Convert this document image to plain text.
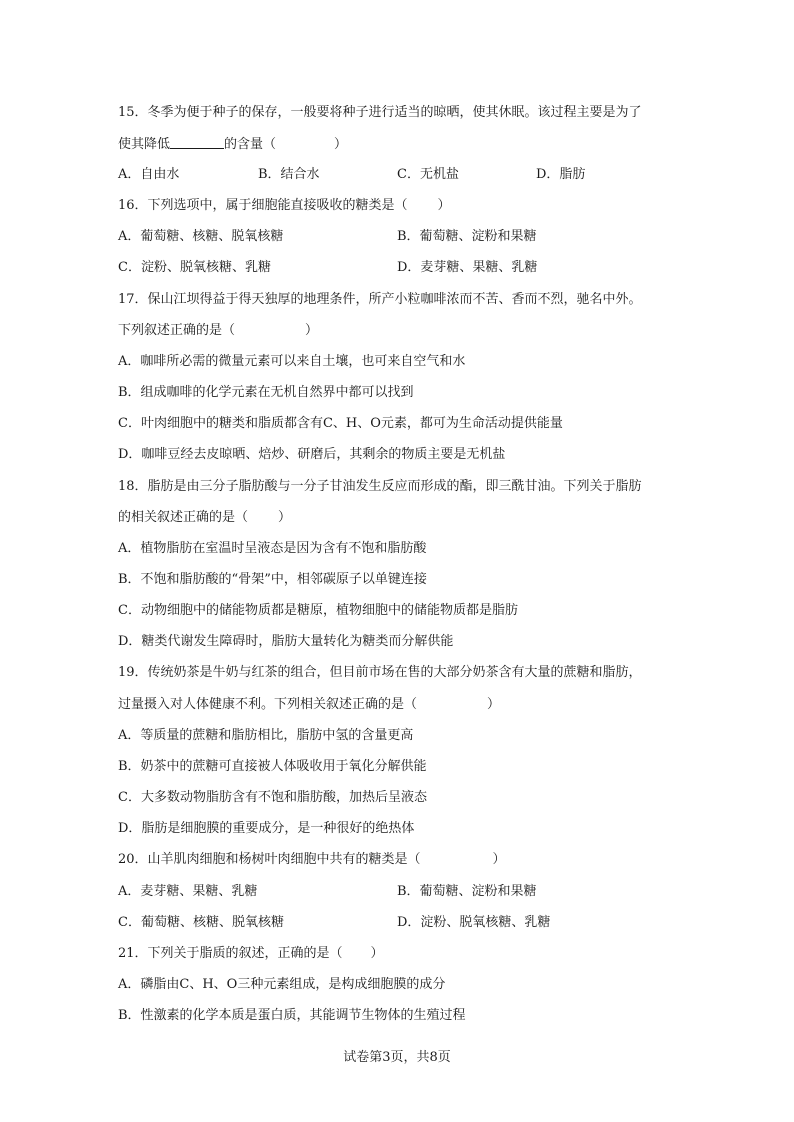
15．冬季为便于种子的保存，一般要将种子进行适当的晾晒，使其休眠。该过程主要是为了
使其降低	的含量（	）
A．自由水	B．结合水	C．无机盐	D．脂肪
16．下列选项中，属于细胞能直接吸收的糖类是（ ）
A．葡萄糖、核糖、脱氧核糖	B．葡萄糖、淀粉和果糖
C．淀粉、脱氧核糖、乳糖	D．麦芽糖、果糖、乳糖
17．保山江坝得益于得天独厚的地理条件，所产小粒咖啡浓而不苦、香而不烈，驰名中外。
下列叙述正确的是（	）
A．咖啡所必需的微量元素可以来自土壤，也可来自空气和水
B．组成咖啡的化学元素在无机自然界中都可以找到
C．叶肉细胞中的糖类和脂质都含有C、H、O元素，都可为生命活动提供能量
D．咖啡豆经去皮晾晒、焙炒、研磨后，其剩余的物质主要是无机盐
18．脂肪是由三分子脂肪酸与一分子甘油发生反应而形成的酯，即三酰甘油。下列关于脂肪
的相关叙述正确的是（ ）
A．植物脂肪在室温时呈液态是因为含有不饱和脂肪酸
B．不饱和脂肪酸的“骨架”中，相邻碳原子以单键连接
C．动物细胞中的储能物质都是糖原，植物细胞中的储能物质都是脂肪
D．糖类代谢发生障碍时，脂肪大量转化为糖类而分解供能
19．传统奶茶是牛奶与红茶的组合，但目前市场在售的大部分奶茶含有大量的蔗糖和脂肪，
过量摄入对人体健康不利。下列相关叙述正确的是（	）
A．等质量的蔗糖和脂肪相比，脂肪中氢的含量更高
B．奶茶中的蔗糖可直接被人体吸收用于氧化分解供能
C．大多数动物脂肪含有不饱和脂肪酸，加热后呈液态
D．脂肪是细胞膜的重要成分，是一种很好的绝热体
20．山羊肌肉细胞和杨树叶肉细胞中共有的糖类是（	）
A．麦芽糖、果糖、乳糖	B．葡萄糖、淀粉和果糖
C．葡萄糖、核糖、脱氧核糖	D．淀粉、脱氧核糖、乳糖
21．下列关于脂质的叙述，正确的是（ ）
A．磷脂由C、H、O三种元素组成，是构成细胞膜的成分
B．性激素的化学本质是蛋白质，其能调节生物体的生殖过程
试卷第3页，共8页
